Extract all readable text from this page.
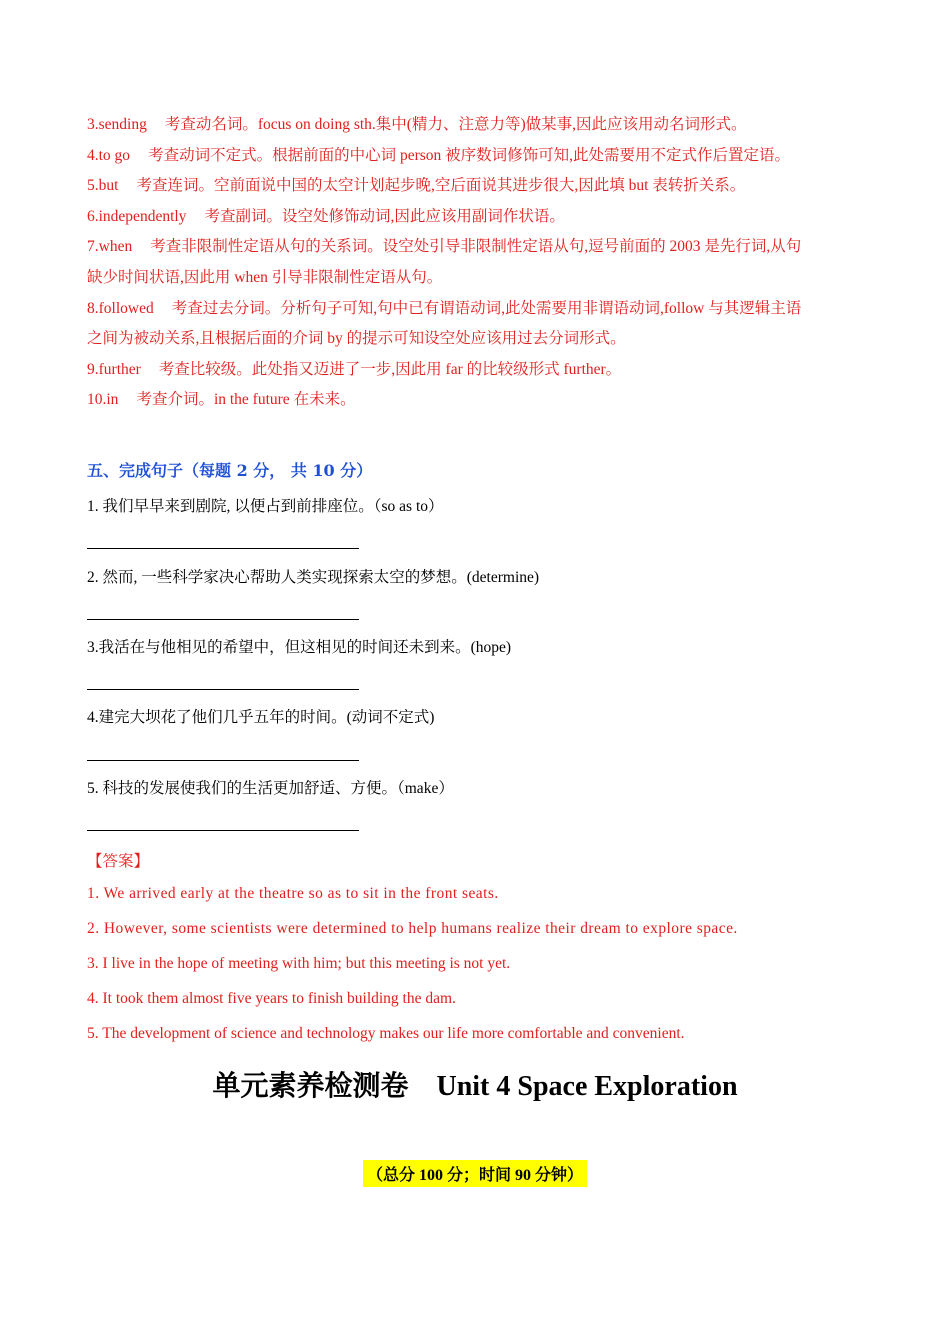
3.sending 考查动名词。focus on doing sth.集中(精力、注意力等)做某事,因此应该用动名词形式。
4.to go 考查动词不定式。根据前面的中心词 person 被序数词修饰可知,此处需要用不定式作后置定语。
5.but 考查连词。空前面说中国的太空计划起步晚,空后面说其进步很大,因此填 but 表转折关系。
6.independently 考查副词。设空处修饰动词,因此应该用副词作状语。
7.when 考查非限制性定语从句的关系词。设空处引导非限制性定语从句,逗号前面的 2003 是先行词,从句
缺少时间状语,因此用 when 引导非限制性定语从句。
8.followed 考查过去分词。分析句子可知,句中已有谓语动词,此处需要用非谓语动词,follow 与其逻辑主语
之间为被动关系,且根据后面的介词 by 的提示可知设空处应该用过去分词形式。
9.further 考查比较级。此处指又迈进了一步,因此用 far 的比较级形式 further。
10.in 考查介词。in the future 在未来。
五、完成句子（每题 2 分， 共 10 分）
1. 我们早早来到剧院, 以便占到前排座位。（so as to）
2. 然而, 一些科学家决心帮助人类实现探索太空的梦想。(determine)
3.我活在与他相见的希望中，但这相见的时间还未到来。(hope)
4.建完大坝花了他们几乎五年的时间。(动词不定式)
5. 科技的发展使我们的生活更加舒适、方便。（make）
【答案】
1. We arrived early at the theatre so as to sit in the front seats.
2. However, some scientists were determined to help humans realize their dream to explore space.
3. I live in the hope of meeting with him; but this meeting is not yet.
4. It took them almost five years to finish building the dam.
5. The development of science and technology makes our life more comfortable and convenient.
单元素养检测卷 Unit 4 Space Exploration
（总分 100 分；时间 90 分钟）
